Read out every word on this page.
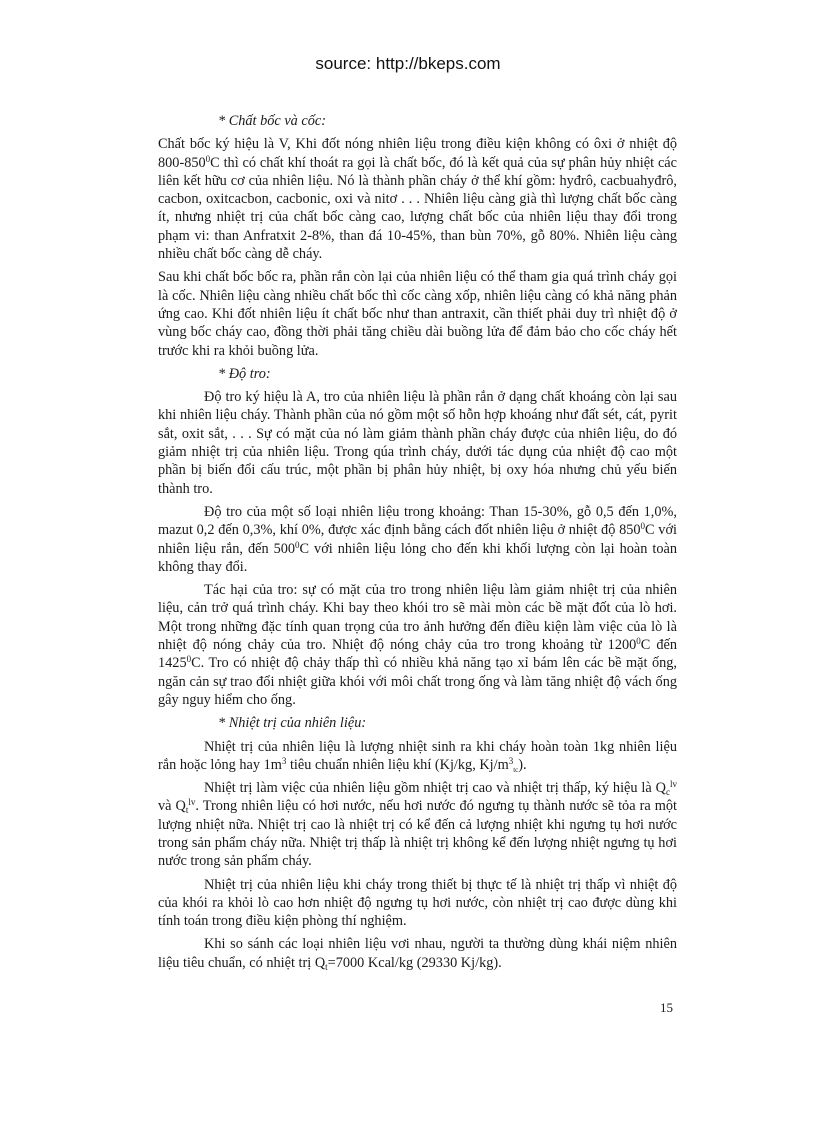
source: http://bkeps.com

* Chất bốc và cốc:

Chất bốc ký hiệu là V, Khi đốt nóng nhiên liệu trong điều kiện không có ôxi ở nhiệt độ $800-850^0C$ thì có chất khí thoát ra gọi là chất bốc, đó là kết quả của sự phân hủy nhiệt các liên kết hữu cơ của nhiên liệu. Nó là thành phần cháy ở thể khí gồm: hyđrô, cacbuahyđrô, cacbon, oxitcacbon, cacbonic, oxi và nitơ . . . Nhiên liệu càng già thì lượng chất bốc càng ít, nhưng nhiệt trị của chất bốc càng cao, lượng chất bốc của nhiên liệu thay đổi trong phạm vi: than Anfratxit 2-8%, than đá 10-45%, than bùn 70%, gỗ 80%. Nhiên liệu càng nhiều chất bốc càng dễ cháy.

Sau khi chất bốc bốc ra, phần rắn còn lại của nhiên liệu có thể tham gia quá trình cháy gọi là cốc. Nhiên liệu càng nhiều chất bốc thì cốc càng xốp, nhiên liệu càng có khả năng phản ứng cao. Khi đốt nhiên liệu ít chất bốc như than antraxit, cần thiết phải duy trì nhiệt độ ở vùng bốc cháy cao, đồng thời phải tăng chiều dài buồng lửa để đảm bảo cho cốc cháy hết trước khi ra khỏi buồng lửa.

* Độ tro:

Độ tro ký hiệu là A, tro của nhiên liệu là phần rắn ở dạng chất khoáng còn lại sau khi nhiên liệu cháy. Thành phần của nó gồm một số hỗn hợp khoáng như đất sét, cát, pyrit sắt, oxit sắt, . . . Sự có mặt của nó làm giảm thành phần cháy được của nhiên liệu, do đó giảm nhiệt trị của nhiên liệu. Trong qúa trình cháy, dưới tác dụng của nhiệt độ cao một phần bị biến đổi cấu trúc, một phần bị phân hủy nhiệt, bị oxy hóa nhưng chủ yếu biến thành tro.

Độ tro của một số loại nhiên liệu trong khoảng: Than 15-30%, gỗ 0,5 đến 1,0%, mazut 0,2 đến 0,3%, khí 0%, được xác định bằng cách đốt nhiên liệu ở nhiệt độ $850^0C$ với nhiên liệu rắn, đến $500^0C$ với nhiên liệu lỏng cho đến khi khối lượng còn lại hoàn toàn không thay đổi.

Tác hại của tro: sự có mặt của tro trong nhiên liệu làm giảm nhiệt trị của nhiên liệu, cản trở quá trình cháy. Khi bay theo khói tro sẽ mài mòn các bề mặt đốt của lò hơi. Một trong những đặc tính quan trọng của tro ảnh hưởng đến điều kiện làm việc của lò là nhiệt độ nóng chảy của tro. Nhiệt độ nóng chảy của tro trong khoảng từ 1200$^0$C đến 1425$^0$C. Tro có nhiệt độ chảy thấp thì có nhiều khả năng tạo xỉ bám lên các bề mặt ống, ngăn cản sự trao đổi nhiệt giữa khói với môi chất trong ống và làm tăng nhiệt độ vách ống gây nguy hiểm cho ống.

* Nhiệt trị của nhiên liệu:

Nhiệt trị của nhiên liệu là lượng nhiệt sinh ra khi cháy hoàn toàn 1kg nhiên liệu rắn hoặc lỏng hay $1m^3$ tiêu chuẩn nhiên liệu khí (Kj/kg, $Kj/m^3_{tc}$).

Nhiệt trị làm việc của nhiên liệu gồm nhiệt trị cao và nhiệt trị thấp, ký hiệu là $Q_c^{lv}$ và $Q_t^{lv}$. Trong nhiên liệu có hơi nước, nếu hơi nước đó ngưng tụ thành nước sẽ tỏa ra một lượng nhiệt nữa. Nhiệt trị cao là nhiệt trị có kể đến cả lượng nhiệt khi ngưng tụ hơi nước trong sản phẩm cháy nữa. Nhiệt trị thấp là nhiệt trị không kể đến lượng nhiệt ngưng tụ hơi nước trong sản phẩm cháy.

Nhiệt trị của nhiên liệu khi cháy trong thiết bị thực tế là nhiệt trị thấp vì nhiệt độ của khói ra khỏi lò cao hơn nhiệt độ ngưng tụ hơi nước, còn nhiệt trị cao được dùng khi tính toán trong điều kiện phòng thí nghiệm.

Khi so sánh các loại nhiên liệu vơi nhau, người ta thường dùng khái niệm nhiên liệu tiêu chuẩn, có nhiệt trị $Q_t=7000$ Kcal/kg (29330 Kj/kg).

15
